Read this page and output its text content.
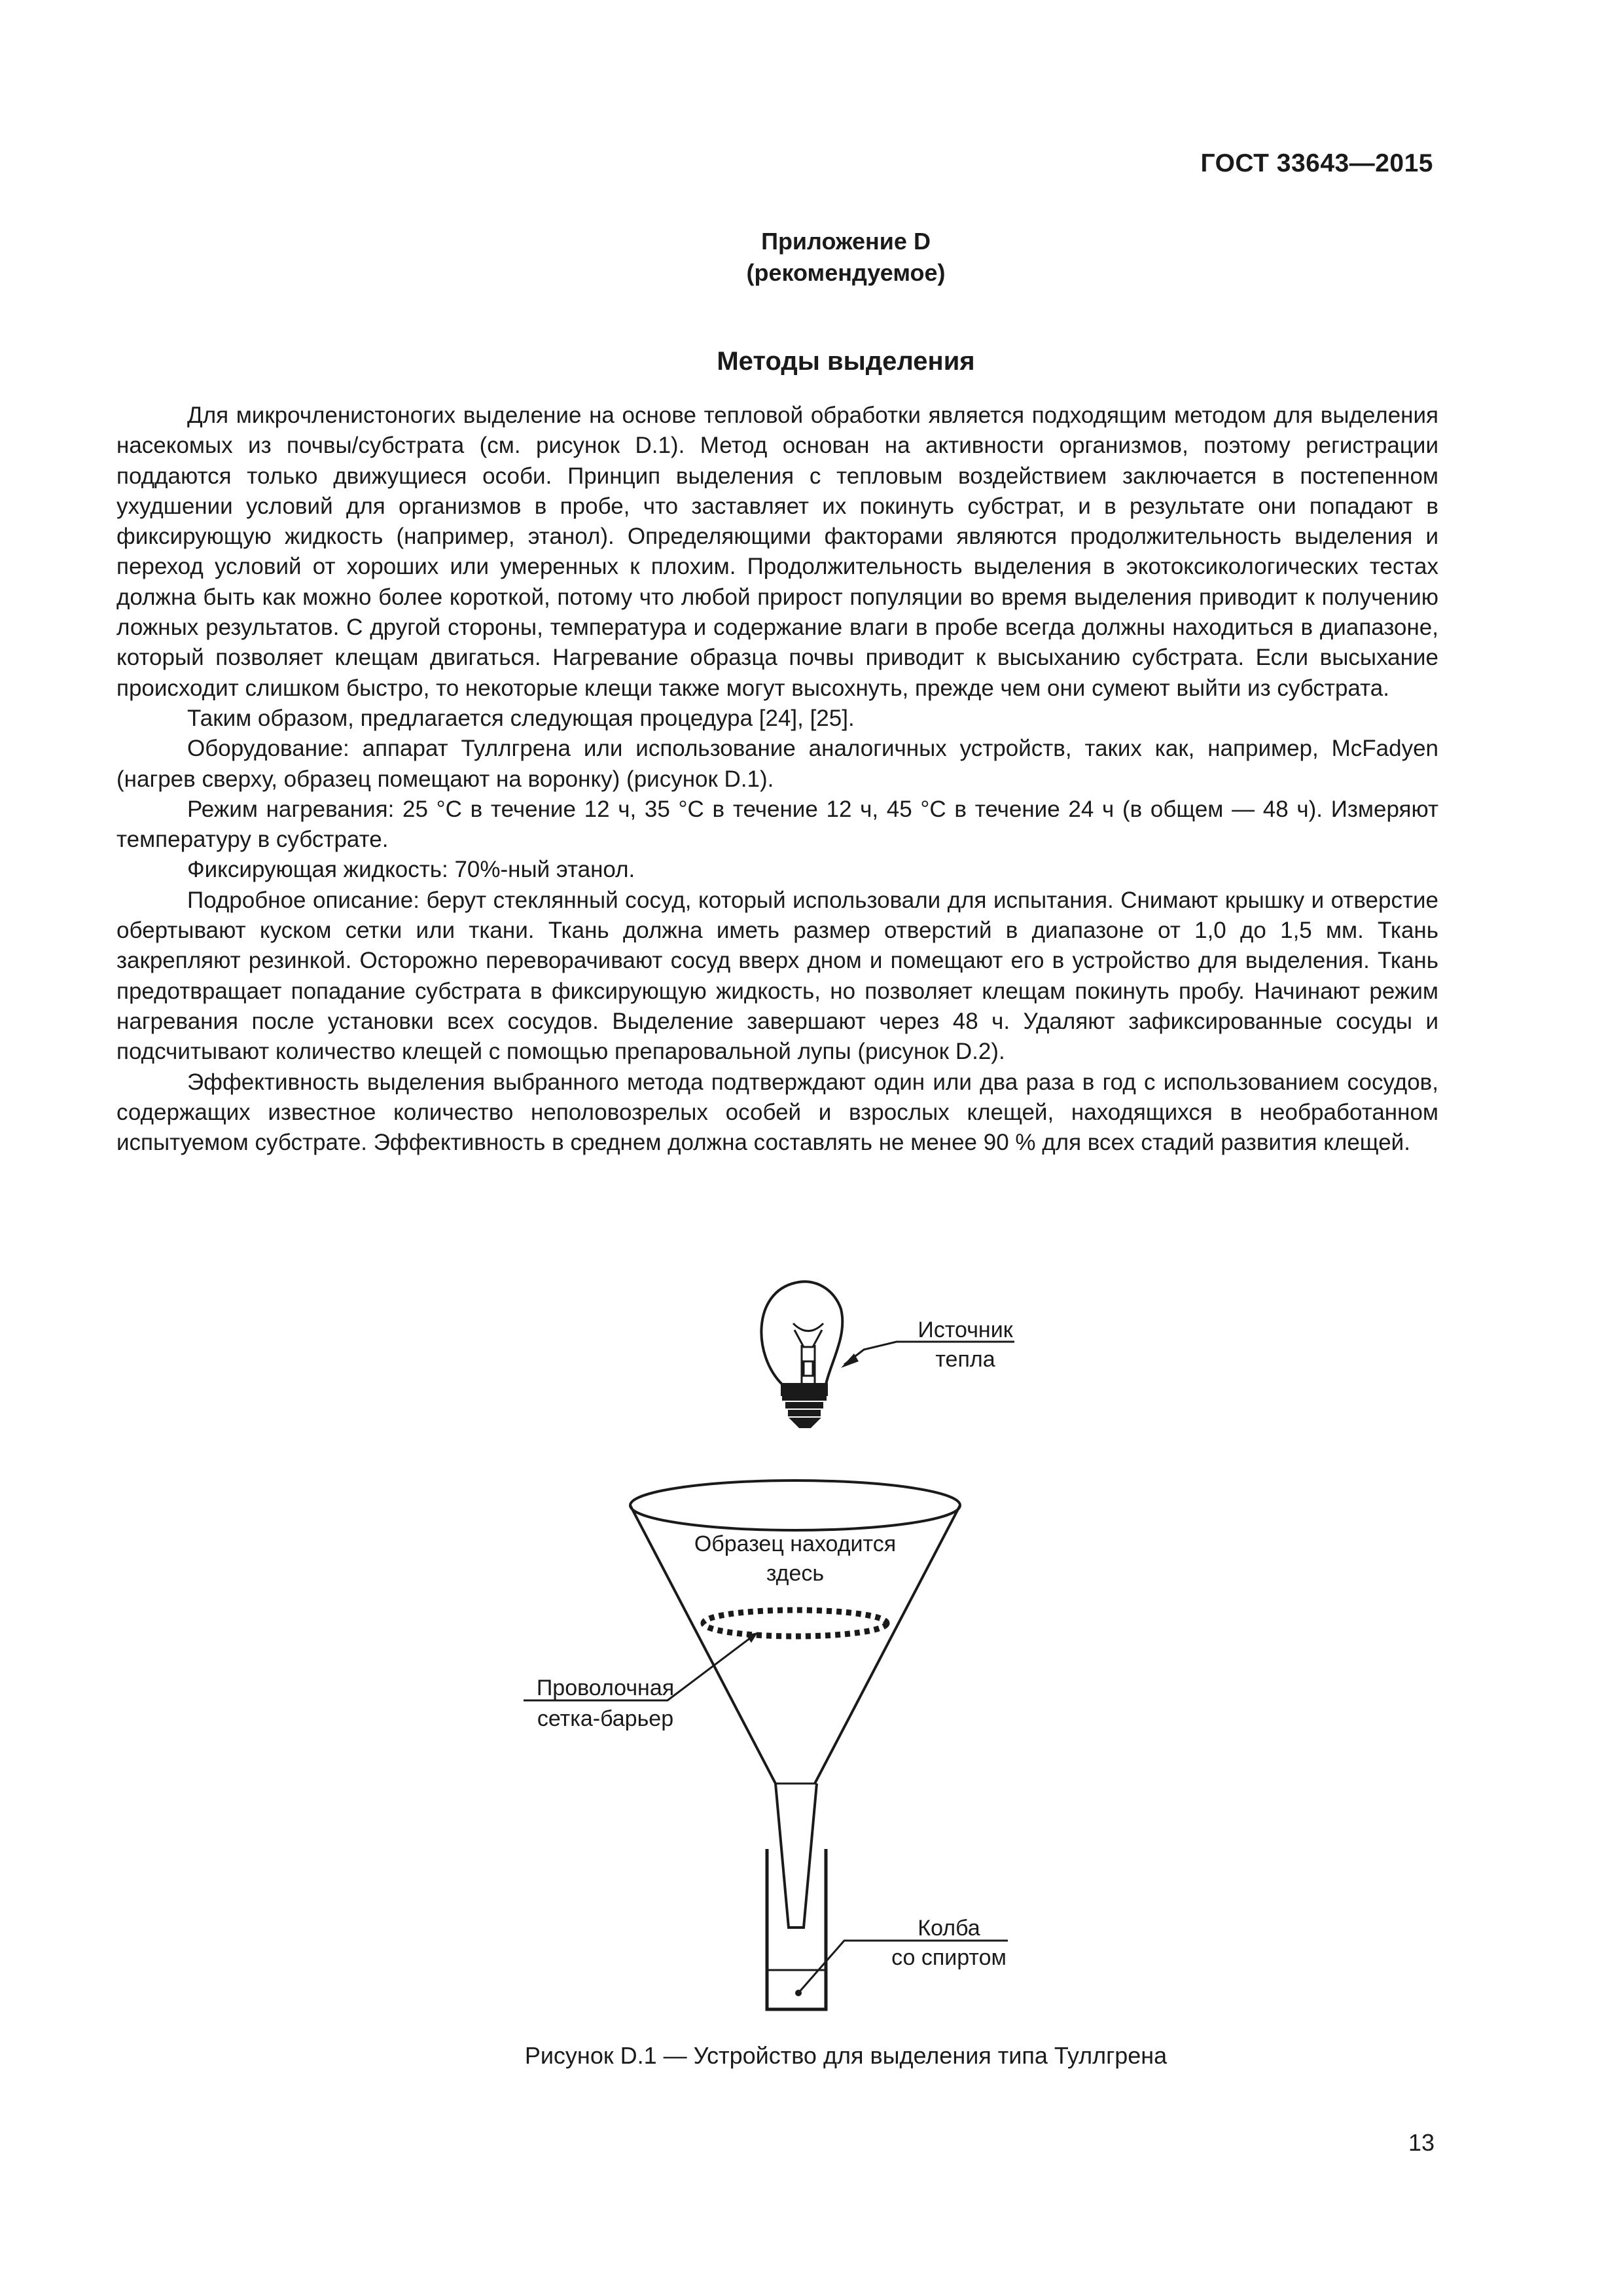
ГОСТ 33643—2015
Приложение D
(рекомендуемое)
Методы выделения

Для микрочленистоногих выделение на основе тепловой обработки является подходящим методом для выделения насекомых из почвы/субстрата (см. рисунок D.1). Метод основан на активности организмов, поэтому регистрации поддаются только движущиеся особи. Принцип выделения с тепловым воздействием заключается в постепенном ухудшении условий для организмов в пробе, что заставляет их покинуть субстрат, и в результате они попадают в фиксирующую жидкость (например, этанол). Определяющими факторами являются продолжительность выделения и переход условий от хороших или умеренных к плохим. Продолжительность выделения в экотоксикологических тестах должна быть как можно более короткой, потому что любой прирост популяции во время выделения приводит к получению ложных результатов. С другой стороны, температура и содержание влаги в пробе всегда должны находиться в диапазоне, который позволяет клещам двигаться. Нагревание образца почвы приводит к высыханию субстрата. Если высыхание происходит слишком быстро, то некоторые клещи также могут высохнуть, прежде чем они сумеют выйти из субстрата.

Таким образом, предлагается следующая процедура [24], [25].

Оборудование: аппарат Туллгрена или использование аналогичных устройств, таких как, например, McFadyen (нагрев сверху, образец помещают на воронку) (рисунок D.1).

Режим нагревания: 25 °С в течение 12 ч, 35 °С в течение 12 ч, 45 °С в течение 24 ч (в общем — 48 ч). Измеряют температуру в субстрате.

Фиксирующая жидкость: 70%-ный этанол.

Подробное описание: берут стеклянный сосуд, который использовали для испытания. Снимают крышку и отверстие обертывают куском сетки или ткани. Ткань должна иметь размер отверстий в диапазоне от 1,0 до 1,5 мм. Ткань закрепляют резинкой. Осторожно переворачивают сосуд вверх дном и помещают его в устройство для выделения. Ткань предотвращает попадание субстрата в фиксирующую жидкость, но позволяет клещам покинуть пробу. Начинают режим нагревания после установки всех сосудов. Выделение завершают через 48 ч. Удаляют зафиксированные сосуды и подсчитывают количество клещей с помощью препаровальной лупы (рисунок D.2).

Эффективность выделения выбранного метода подтверждают один или два раза в год с использованием сосудов, содержащих известное количество неполовозрелых особей и взрослых клещей, находящихся в необработанном испытуемом субстрате. Эффективность в среднем должна составлять не менее 90 % для всех стадий развития клещей.

Источник
тепла
Образец находится
здесь
Проволочная
сетка-барьер
Колба
со спиртом
Рисунок D.1 — Устройство для выделения типа Туллгрена
13
